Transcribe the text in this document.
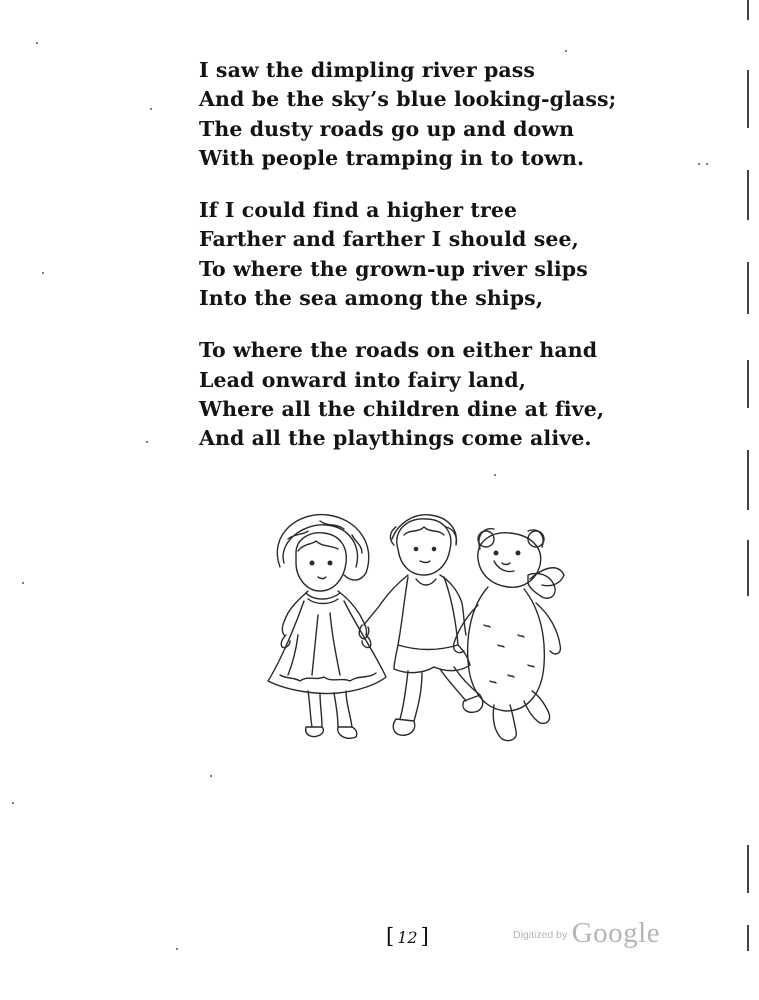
I saw the dimpling river pass
And be the sky’s blue looking-glass;
The dusty roads go up and down
With people tramping in to town.
If I could find a higher tree
Farther and farther I should see,
To where the grown-up river slips
Into the sea among the ships,
To where the roads on either hand
Lead onward into fairy land,
Where all the children dine at five,
And all the playthings come alive.
[ 12 ]	$^{Digitized by}$ Google
